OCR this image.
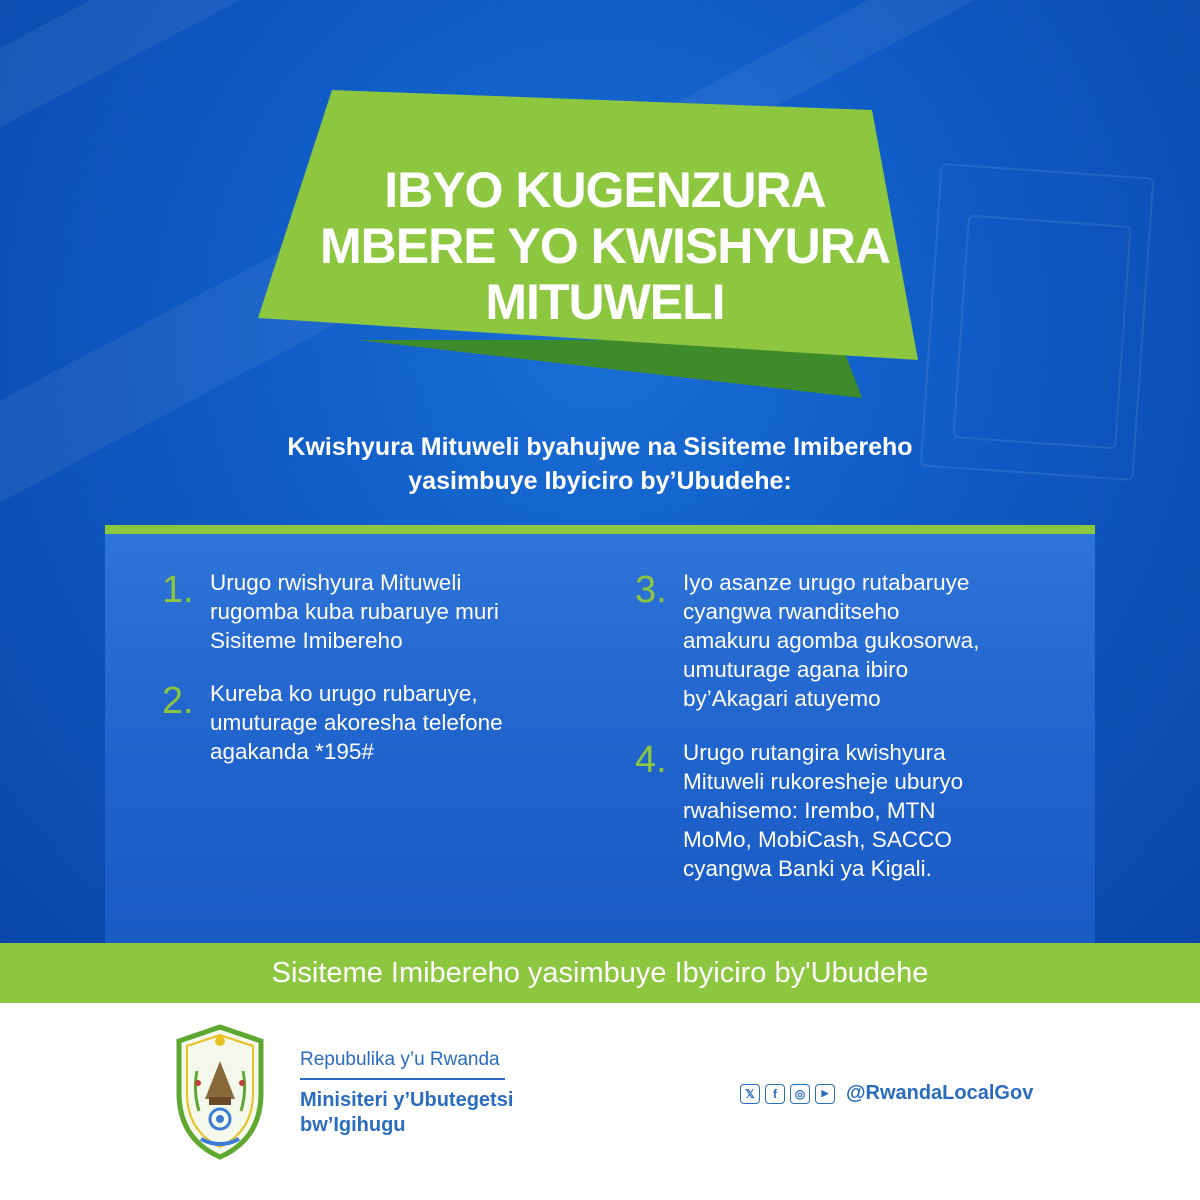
IBYO KUGENZURA
MBERE YO KWISHYURA
MITUWELI
Kwishyura Mituweli byahujwe na Sisiteme Imibereho
yasimbuye Ibyiciro by’Ubudehe:
1. Urugo rwishyura Mituweli
rugomba kuba rubaruye muri
Sisiteme Imibereho
2. Kureba ko urugo rubaruye,
umuturage akoresha telefone
agakanda *195#
3. Iyo asanze urugo rutabaruye
cyangwa rwanditseho
amakuru agomba gukosorwa,
umuturage agana ibiro
by’Akagari atuyemo
4. Urugo rutangira kwishyura
Mituweli rukoresheje uburyo
rwahisemo: Irembo, MTN
MoMo, MobiCash, SACCO
cyangwa Banki ya Kigali.
Sisiteme Imibereho yasimbuye Ibyiciro by'Ubudehe
Repubulika y’u Rwanda
Minisiteri y’Ubutegetsi
bw’Igihugu
𝕏	f	◎	▶ @RwandaLocalGov
